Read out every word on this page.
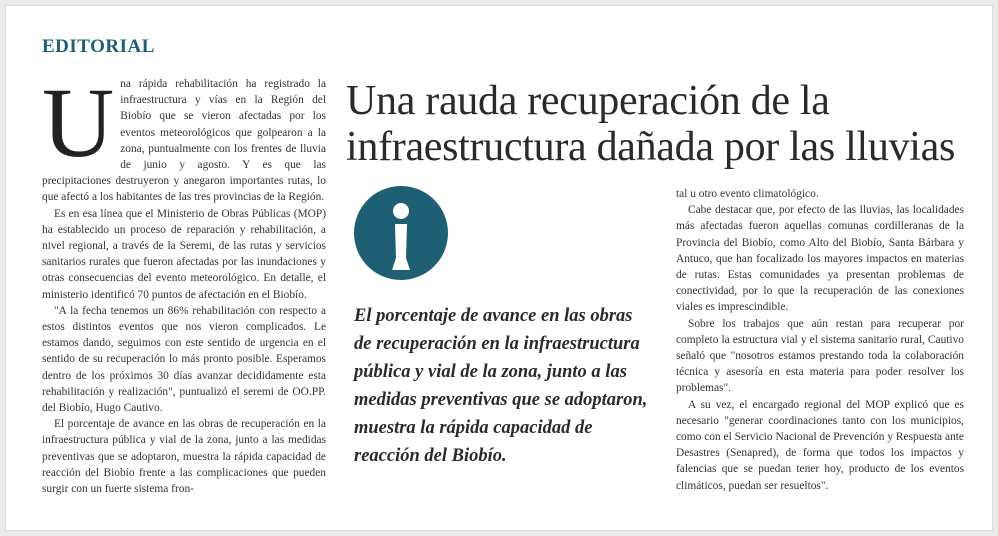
EDITORIAL

Una rápida rehabilitación ha registrado la infraestructura y vías en la Región del Biobío que se vieron afectadas por los eventos meteorológicos que golpearon a la zona, puntualmente con los frentes de lluvia de junio y agosto. Y es que las precipitaciones destruyeron y anegaron importantes rutas, lo que afectó a los habitantes de las tres provincias de la Región.

Es en esa línea que el Ministerio de Obras Públicas (MOP) ha establecido un proceso de reparación y rehabilitación, a nivel regional, a través de la Seremi, de las rutas y servicios sanitarios rurales que fueron afectadas por las inundaciones y otras consecuencias del evento meteorológico. En detalle, el ministerio identificó 70 puntos de afectación en el Biobío.

"A la fecha tenemos un 86% rehabilitación con respecto a estos distintos eventos que nos vieron complicados. Le estamos dando, seguimos con este sentido de urgencia en el sentido de su recuperación lo más pronto posible. Esperamos dentro de los próximos 30 días avanzar decididamente esta rehabilitación y realización", puntualizó el seremi de OO.PP. del Biobío, Hugo Cautivo.

El porcentaje de avance en las obras de recuperación en la infraestructura pública y vial de la zona, junto a las medidas preventivas que se adoptaron, muestra la rápida capacidad de reacción del Biobío frente a las complicaciones que pueden surgir con un fuerte sistema fron-

Una rauda recuperación de la infraestructura dañada por las lluvias
El porcentaje de avance en las obras de recuperación en la infraestructura pública y vial de la zona, junto a las medidas preventivas que se adoptaron, muestra la rápida capacidad de reacción del Biobío.

tal u otro evento climatológico.

Cabe destacar que, por efecto de las lluvias, las localidades más afectadas fueron aquellas comunas cordilleranas de la Provincia del Biobío, como Alto del Biobío, Santa Bárbara y Antuco, que han focalizado los mayores impactos en materias de rutas. Estas comunidades ya presentan problemas de conectividad, por lo que la recuperación de las conexiones viales es imprescindible.

Sobre los trabajos que aún restan para recuperar por completo la estructura vial y el sistema sanitario rural, Cautivo señaló que "nosotros estamos prestando toda la colaboración técnica y asesoría en esta materia para poder resolver los problemas".

A su vez, el encargado regional del MOP explicó que es necesario "generar coordinaciones tanto con los municipios, como con el Servicio Nacional de Prevención y Respuesta ante Desastres (Senapred), de forma que todos los impactos y falencias que se puedan tener hoy, producto de los eventos climáticos, puedan ser resueltos".
